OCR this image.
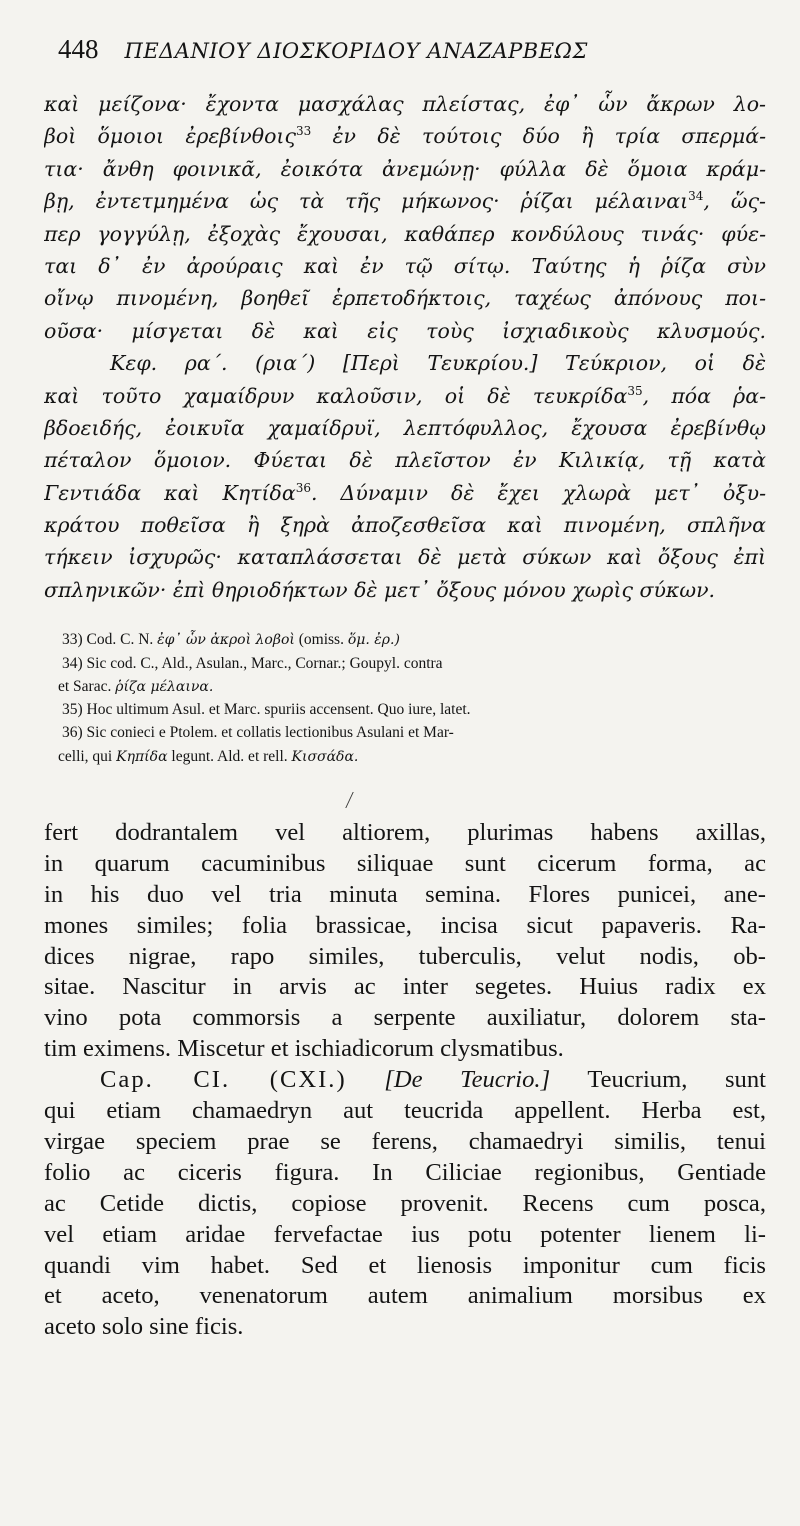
448 ΠΕΔΑΝΙΟΥ ΔΙΟΣΚΟΡΙΔΟΥ ΑΝΑΖΑΡΒΕΩΣ
καὶ μείζονα· ἔχοντα μασχάλας πλείστας, ἐφ᾽ ὧν ἄκρων λο-
βοὶ ὅμοιοι ἐρεβίνθοις$^{33}$ ἐν δὲ τούτοις δύο ἢ τρία σπερμά-
τια· ἄνθη φοινικᾶ, ἐοικότα ἀνεμώνῃ· φύλλα δὲ ὅμοια κράμ-
βῃ, ἐντετμημένα ὡς τὰ τῆς μήκωνος· ῥίζαι μέλαιναι$^{34}$, ὥς-
περ γογγύλῃ, ἐξοχὰς ἔχουσαι, καθάπερ κονδύλους τινάς· φύε-
ται δ᾽ ἐν ἀρούραις καὶ ἐν τῷ σίτῳ. Ταύτης ἡ ῥίζα σὺν
οἴνῳ πινομένη, βοηθεῖ ἑρπετοδήκτοις, ταχέως ἀπόνους ποι-
οῦσα· μίσγεται δὲ καὶ εἰς τοὺς ἰσχιαδικοὺς κλυσμούς.
Κεφ. ρα΄. (ρια΄) [Περὶ Τευκρίου.] Τεύκριον, οἱ δὲ
καὶ τοῦτο χαμαίδρυν καλοῦσιν, οἱ δὲ τευκρίδα$^{35}$, πόα ῥα-
βδοειδής, ἐοικυῖα χαμαίδρυϊ, λεπτόφυλλος, ἔχουσα ἐρεβίνθῳ
πέταλον ὅμοιον. Φύεται δὲ πλεῖστον ἐν Κιλικίᾳ, τῇ κατὰ
Γεντιάδα καὶ Κητίδα$^{36}$. Δύναμιν δὲ ἔχει χλωρὰ μετ᾽ ὀξυ-
κράτου ποθεῖσα ἢ ξηρὰ ἀποζεσθεῖσα καὶ πινομένη, σπλῆνα
τήκειν ἰσχυρῶς· καταπλάσσεται δὲ μετὰ σύκων καὶ ὄξους ἐπὶ
σπληνικῶν· ἐπὶ θηριοδήκτων δὲ μετ᾽ ὄξους μόνου χωρὶς σύκων.
33) Cod. C. N. ἐφ᾽ ὧν ἀκροὶ λοβοὶ (omiss. ὅμ. ἐρ.)
34) Sic cod. C., Ald., Asulan., Marc., Cornar.; Goupyl. contra
et Sarac. ῥίζα μέλαινα.
35) Hoc ultimum Asul. et Marc. spuriis accensent. Quo iure, latet.
36) Sic conieci e Ptolem. et collatis lectionibus Asulani et Mar-
celli, qui Κηπίδα legunt. Ald. et rell. Κισσάδα.
fert dodrantalem vel altiorem, plurimas habens axillas,
in quarum cacuminibus siliquae sunt cicerum forma, ac
in his duo vel tria minuta semina. Flores punicei, ane-
mones similes; folia brassicae, incisa sicut papaveris. Ra-
dices nigrae, rapo similes, tuberculis, velut nodis, ob-
sitae. Nascitur in arvis ac inter segetes. Huius radix ex
vino pota commorsis a serpente auxiliatur, dolorem sta-
tim eximens. Miscetur et ischiadicorum clysmatibus.
Cap. CI. (CXI.) [De Teucrio.] Teucrium, sunt
qui etiam chamaedryn aut teucrida appellent. Herba est,
virgae speciem prae se ferens, chamaedryi similis, tenui
folio ac ciceris figura. In Ciliciae regionibus, Gentiade
ac Cetide dictis, copiose provenit. Recens cum posca,
vel etiam aridae fervefactae ius potu potenter lienem li-
quandi vim habet. Sed et lienosis imponitur cum ficis
et aceto, venenatorum autem animalium morsibus ex
aceto solo sine ficis.
